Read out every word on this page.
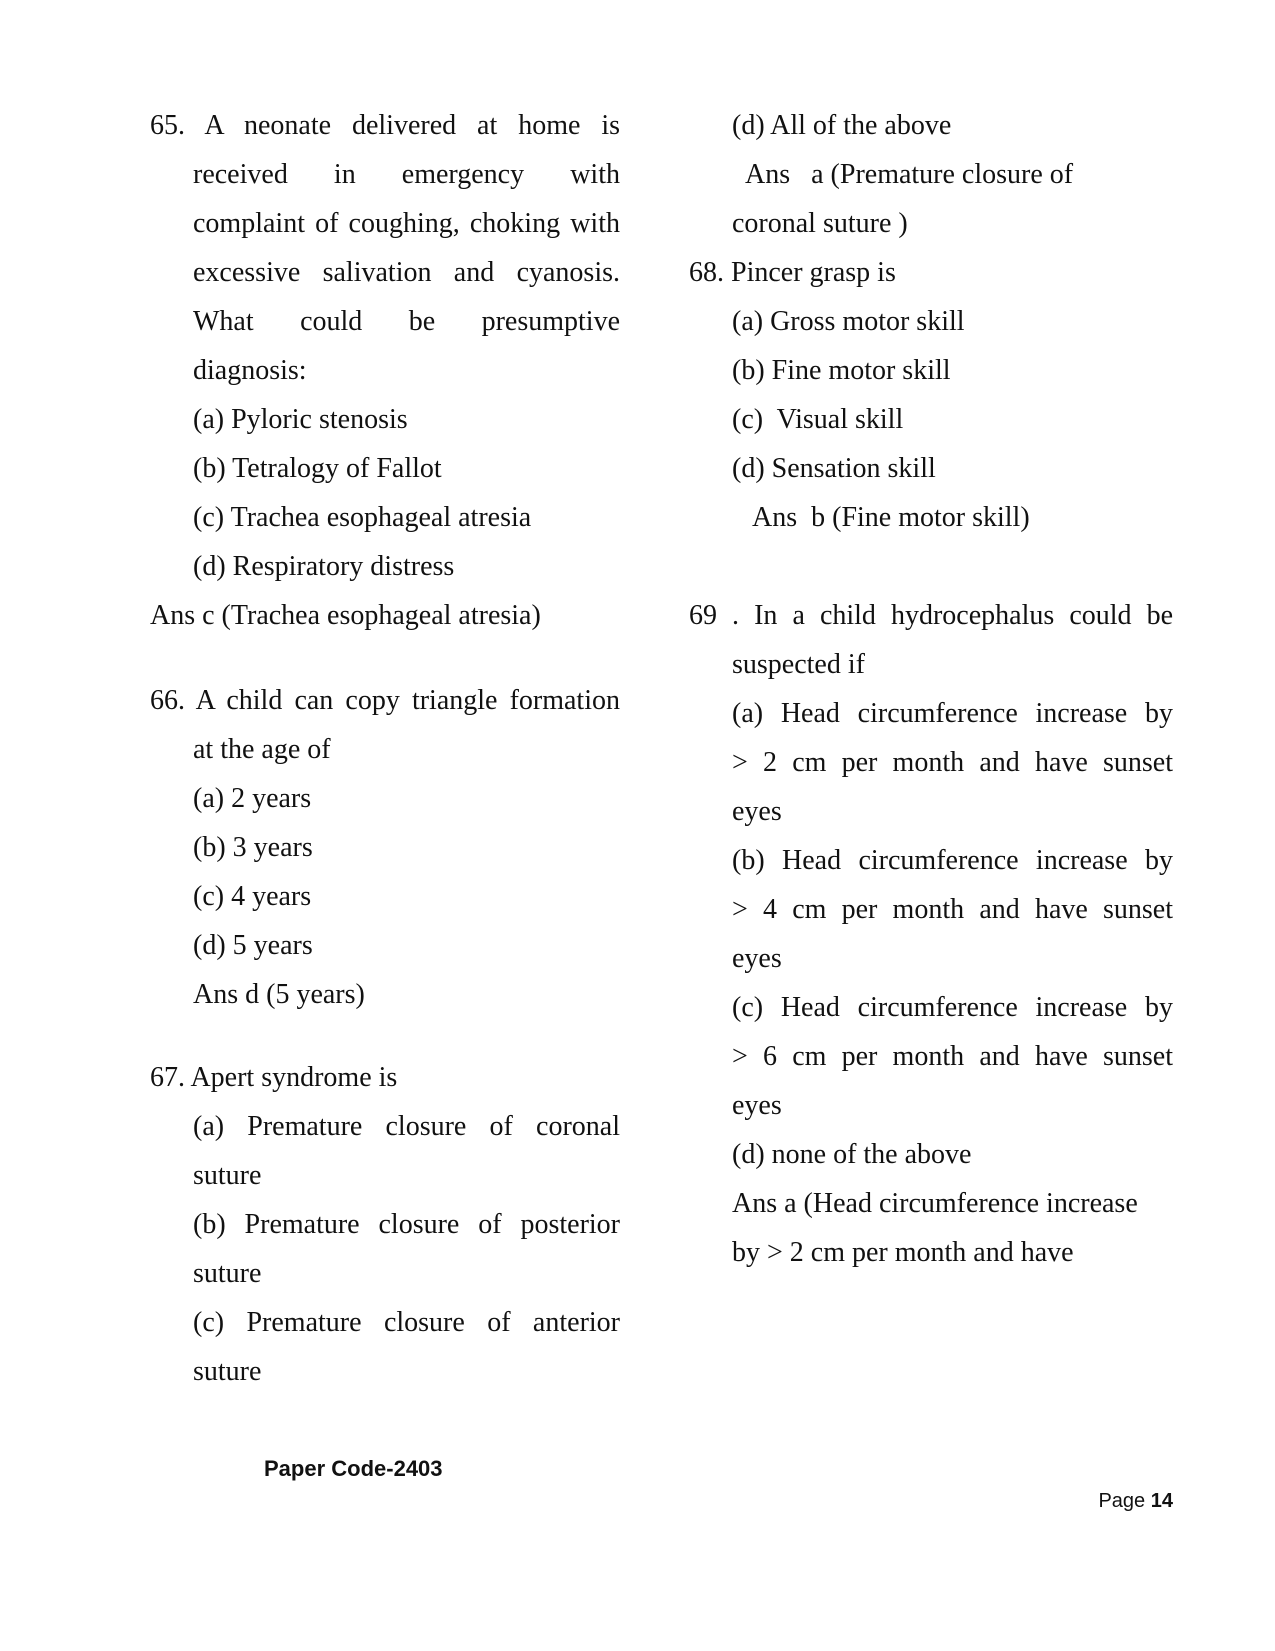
65. A neonate delivered at home is
received in emergency with
complaint of coughing, choking with
excessive salivation and cyanosis.
What could be presumptive
diagnosis:
(a) Pyloric stenosis
(b) Tetralogy of Fallot
(c) Trachea esophageal atresia
(d) Respiratory distress
Ans c (Trachea esophageal atresia)
66. A child can copy triangle formation
at the age of
(a) 2 years
(b) 3 years
(c) 4 years
(d) 5 years
Ans d (5 years)
67. Apert syndrome is
(a) Premature closure of coronal
suture
(b) Premature closure of posterior
suture
(c) Premature closure of anterior
suture
(d) All of the above
Ans   a (Premature closure of
coronal suture )
68. Pincer grasp is
(a) Gross motor skill
(b) Fine motor skill
(c)  Visual skill
(d) Sensation skill
Ans  b (Fine motor skill)
69 . In a child hydrocephalus could be
suspected if
(a) Head circumference increase by
> 2 cm per month and have sunset
eyes
(b) Head circumference increase by
> 4 cm per month and have sunset
eyes
(c) Head circumference increase by
> 6 cm per month and have sunset
eyes
(d) none of the above
Ans a (Head circumference increase
by > 2 cm per month and have
Paper Code-2403
Page 14
